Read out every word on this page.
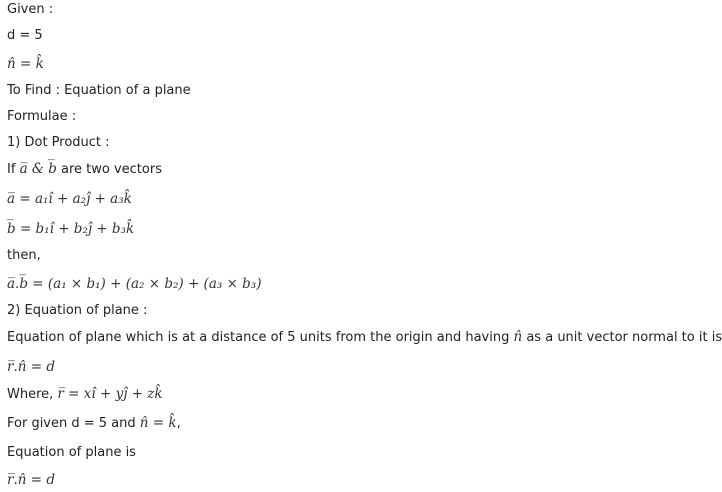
Given :
d = 5
n̂ = k̂
To Find : Equation of a plane
Formulae :
1) Dot Product :
If a̅ & b̅ are two vectors
a̅ = a₁î + a₂ĵ + a₃k̂
b̅ = b₁î + b₂ĵ + b₃k̂
then,
a̅.b̅ = (a₁ × b₁) + (a₂ × b₂) + (a₃ × b₃)
2) Equation of plane :
Equation of plane which is at a distance of 5 units from the origin and having n̂ as a unit vector normal to it is
r̅.n̂ = d
Where, r̅ = xî + yĵ + zk̂
For given d = 5 and n̂ = k̂,
Equation of plane is
r̅.n̂ = d
